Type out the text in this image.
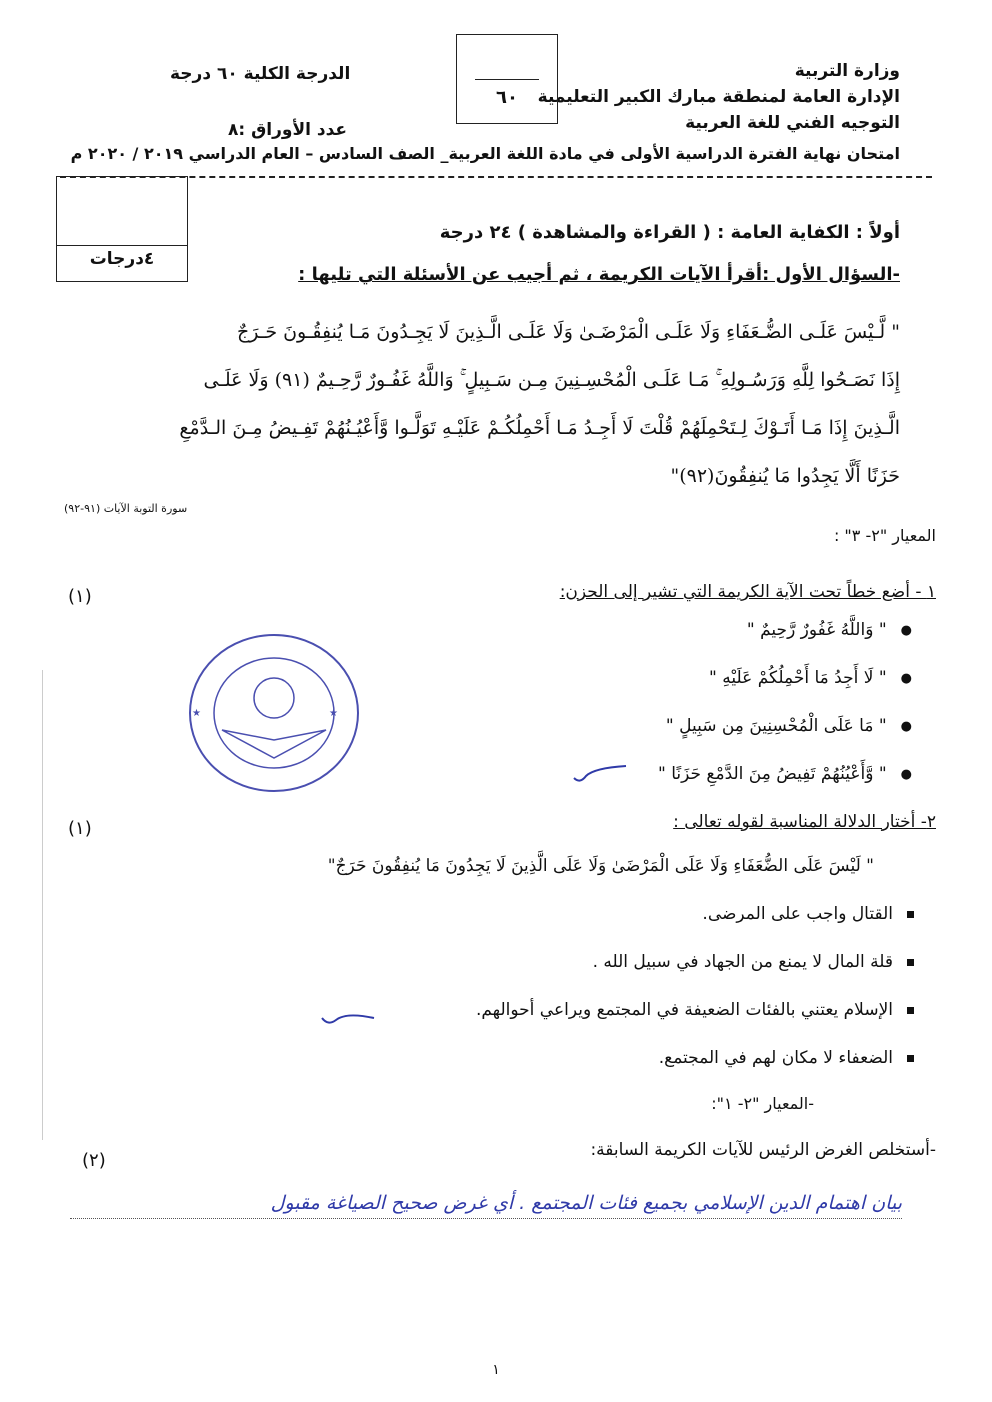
وزارة التربية
الإدارة العامة لمنطقة مبارك الكبير التعليمية
التوجيه الفني للغة العربية
٦٠
الدرجة الكلية ٦٠ درجة
عدد الأوراق :٨
امتحان نهاية الفترة الدراسية الأولى في مادة اللغة العربية_ الصف السادس – العام الدراسي ٢٠١٩ / ٢٠٢٠ م
٤درجات
أولاً : الكفاية العامة : ( القراءة والمشاهدة ) ٢٤ درجة
-السؤال الأول :أقرأ الآيات الكريمة ، ثم أجيب عن الأسئلة التي تليها :
" لَّـيْسَ عَلَـى الضُّـعَفَاءِ وَلَا عَلَـى الْمَرْضَـىٰ وَلَا عَلَـى الَّـذِينَ لَا يَجِـدُونَ مَـا يُنفِقُـونَ حَـرَجٌ
إِذَا نَصَـحُوا لِلَّهِ وَرَسُـولِهِ ۚ مَـا عَلَـى الْمُحْسِـنِينَ مِـن سَـبِيلٍ ۚ وَاللَّهُ غَفُـورٌ رَّحِـيمٌ (٩١) وَلَا عَلَـى
الَّـذِينَ إِذَا مَـا أَتَـوْكَ لِـتَحْمِلَهُمْ قُلْتَ لَا أَجِـدُ مَـا أَحْمِلُكُـمْ عَلَيْـهِ تَوَلَّـوا وَّأَعْيُـنُهُمْ تَفِـيضُ مِـنَ الـدَّمْعِ
حَزَنًا أَلَّا يَجِدُوا مَا يُنفِقُونَ(٩٢)"
سورة التوبة الآيات (٩١-٩٢)
المعيار "٢- ٣" :
١ - أضع خطاً تحت الآية الكريمة التي تشير إلى الحزن:
(١)
●
" وَاللَّهُ غَفُورٌ رَّحِيمٌ "
●
" لَا أَجِدُ مَا أَحْمِلُكُمْ عَلَيْهِ "
●
" مَا عَلَى الْمُحْسِنِينَ مِن سَبِيلٍ "
●
" وَّأَعْيُنُهُمْ تَفِيضُ مِنَ الدَّمْعِ حَزَنًا "
★	★
٢- أختار الدلالة المناسبة لقوله تعالى :
(١)
" لَيْسَ عَلَى الضُّعَفَاءِ وَلَا عَلَى الْمَرْضَىٰ وَلَا عَلَى الَّذِينَ لَا يَجِدُونَ مَا يُنفِقُونَ حَرَجٌ"
القتال واجب على المرضى.
قلة المال لا يمنع من الجهاد في سبيل الله .
الإسلام يعتني بالفئات الضعيفة في المجتمع ويراعي أحوالهم.
الضعفاء لا مكان لهم في المجتمع.
-المعيار "٢- ١":
-أستخلص الغرض الرئيس للآيات الكريمة السابقة:
(٢)
بيان اهتمام الدين الإسلامي بجميع فئات المجتمع . أي غرض صحيح الصياغة مقبول
١
